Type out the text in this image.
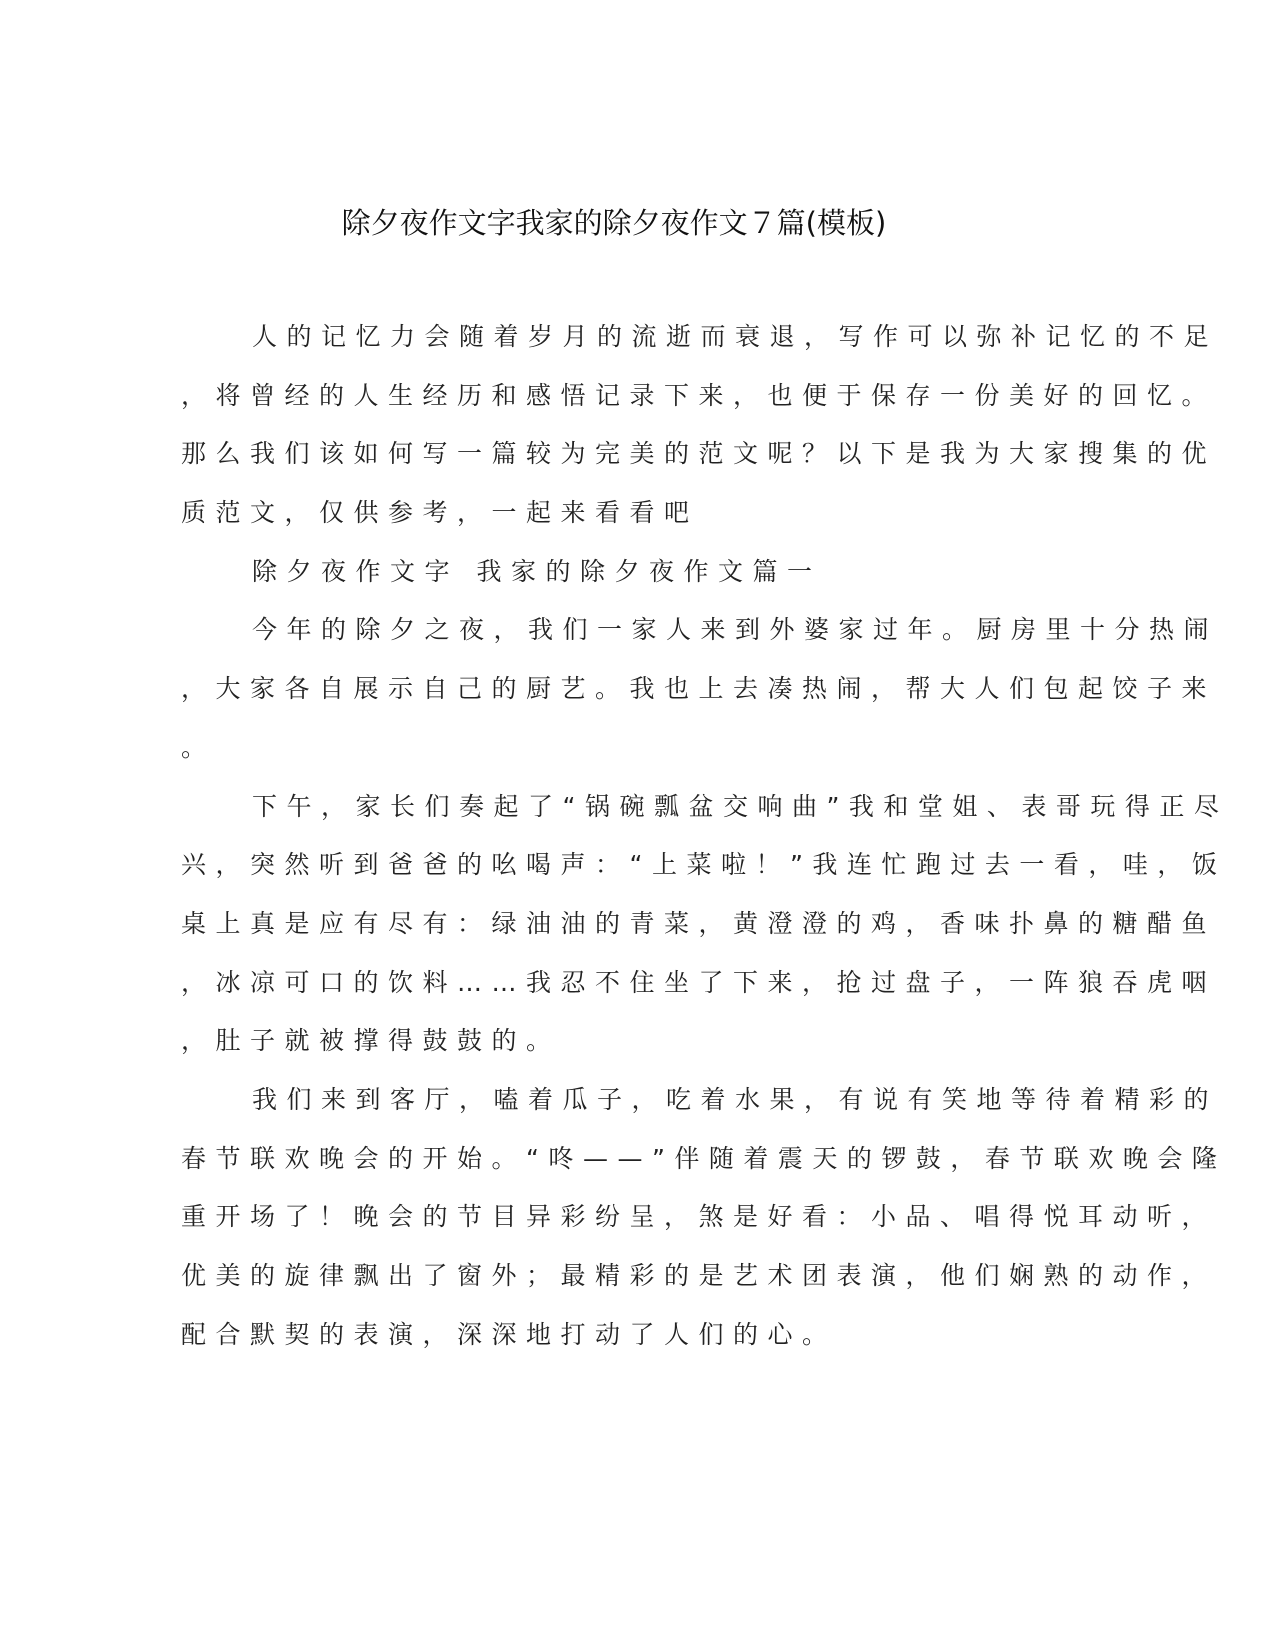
除夕夜作文字我家的除夕夜作文７篇(模板)
人的记忆力会随着岁月的流逝而衰退，写作可以弥补记忆的不足
，将曾经的人生经历和感悟记录下来，也便于保存一份美好的回忆。
那么我们该如何写一篇较为完美的范文呢？以下是我为大家搜集的优
质范文，仅供参考，一起来看看吧
除夕夜作文字 我家的除夕夜作文篇一
今年的除夕之夜，我们一家人来到外婆家过年。厨房里十分热闹
，大家各自展示自己的厨艺。我也上去凑热闹，帮大人们包起饺子来
。
下午，家长们奏起了“锅碗瓢盆交响曲”我和堂姐、表哥玩得正尽
兴，突然听到爸爸的吆喝声：“上菜啦！”我连忙跑过去一看，哇，饭
桌上真是应有尽有：绿油油的青菜，黄澄澄的鸡，香味扑鼻的糖醋鱼
，冰凉可口的饮料……我忍不住坐了下来，抢过盘子，一阵狼吞虎咽
，肚子就被撑得鼓鼓的。
我们来到客厅，嗑着瓜子，吃着水果，有说有笑地等待着精彩的
春节联欢晚会的开始。“咚——”伴随着震天的锣鼓，春节联欢晚会隆
重开场了！晚会的节目异彩纷呈，煞是好看：小品、唱得悦耳动听，
优美的旋律飘出了窗外；最精彩的是艺术团表演，他们娴熟的动作，
配合默契的表演，深深地打动了人们的心。
